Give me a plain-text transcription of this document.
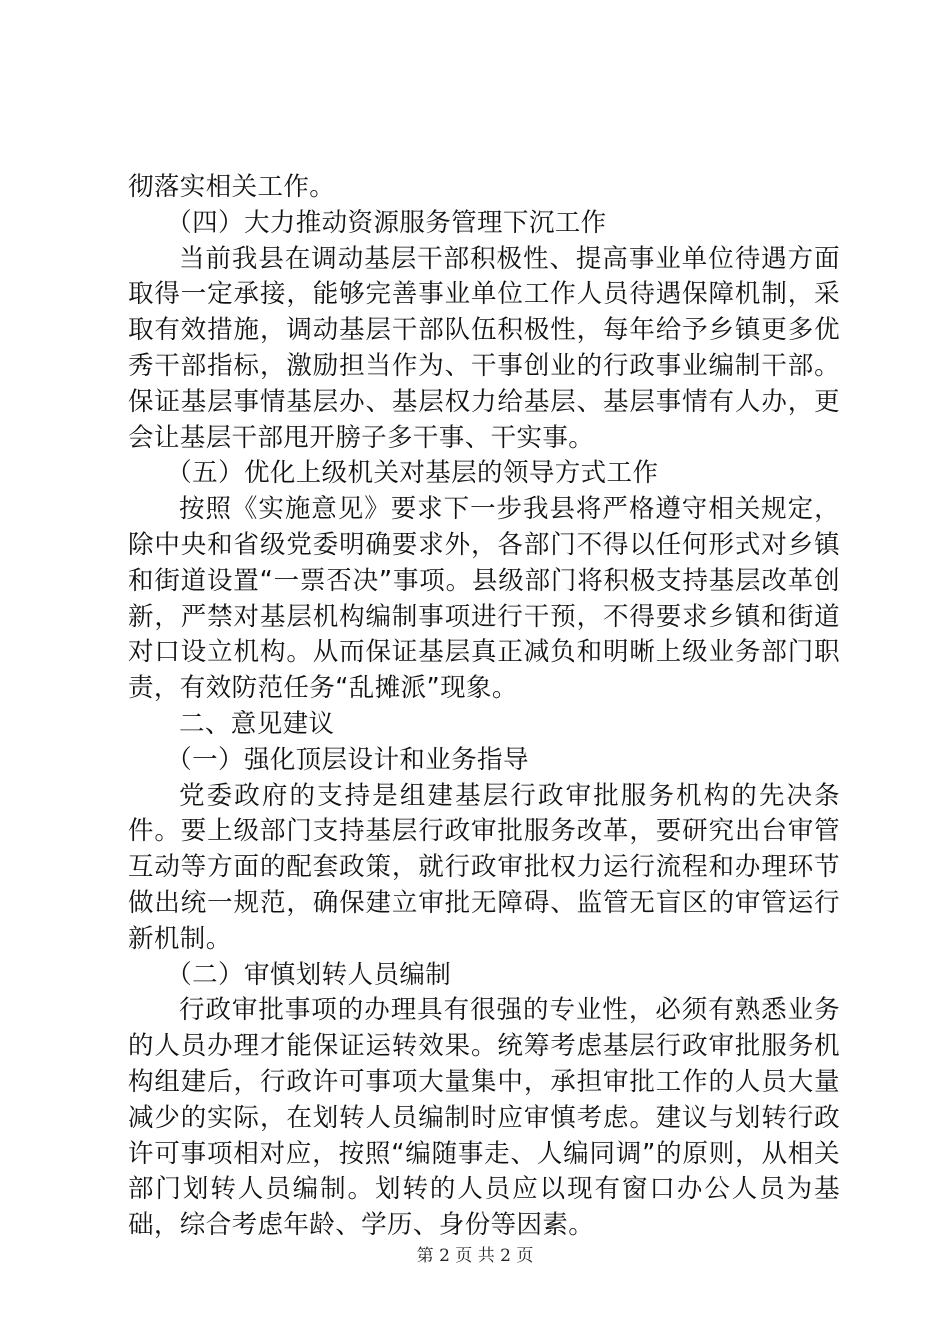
彻落实相关工作。

（四）大力推动资源服务管理下沉工作

当前我县在调动基层干部积极性、提高事业单位待遇方面取得一定承接，能够完善事业单位工作人员待遇保障机制，采取有效措施，调动基层干部队伍积极性，每年给予乡镇更多优秀干部指标，激励担当作为、干事创业的行政事业编制干部。保证基层事情基层办、基层权力给基层、基层事情有人办，更会让基层干部甩开膀子多干事、干实事。

（五）优化上级机关对基层的领导方式工作

按照《实施意见》要求下一步我县将严格遵守相关规定，除中央和省级党委明确要求外，各部门不得以任何形式对乡镇和街道设置“一票否决”事项。县级部门将积极支持基层改革创新，严禁对基层机构编制事项进行干预，不得要求乡镇和街道对口设立机构。从而保证基层真正减负和明晰上级业务部门职责，有效防范任务“乱摊派”现象。

二、意见建议

（一）强化顶层设计和业务指导

党委政府的支持是组建基层行政审批服务机构的先决条件。要上级部门支持基层行政审批服务改革，要研究出台审管互动等方面的配套政策，就行政审批权力运行流程和办理环节做出统一规范，确保建立审批无障碍、监管无盲区的审管运行新机制。

（二）审慎划转人员编制

行政审批事项的办理具有很强的专业性，必须有熟悉业务的人员办理才能保证运转效果。统筹考虑基层行政审批服务机构组建后，行政许可事项大量集中，承担审批工作的人员大量减少的实际，在划转人员编制时应审慎考虑。建议与划转行政许可事项相对应，按照“编随事走、人编同调”的原则，从相关部门划转人员编制。划转的人员应以现有窗口办公人员为基础，综合考虑年龄、学历、身份等因素。

第 2 页 共 2 页
